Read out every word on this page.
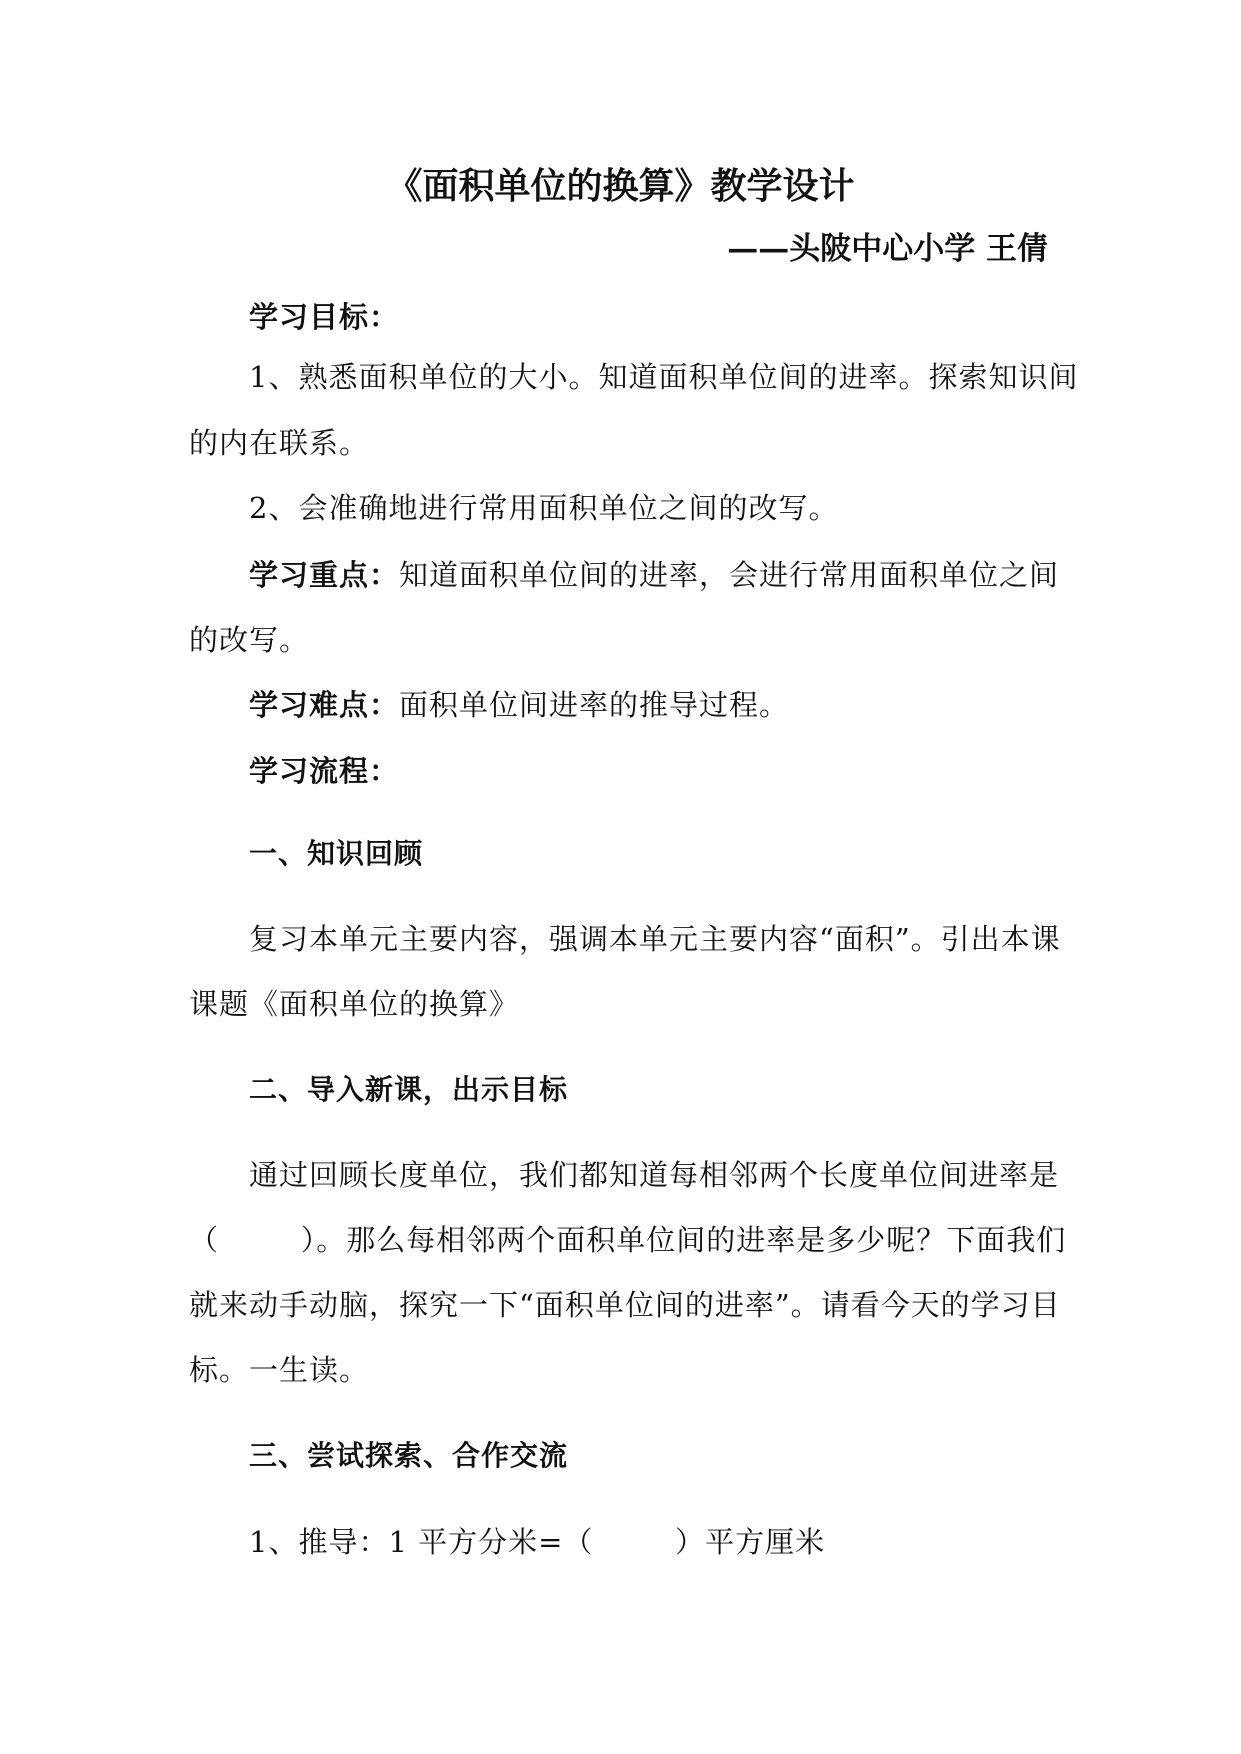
《面积单位的换算》教学设计
——头陂中心小学 王倩
学习目标：
1、熟悉面积单位的大小。知道面积单位间的进率。探索知识间
的内在联系。
2、会准确地进行常用面积单位之间的改写。
学习重点：知道面积单位间的进率，会进行常用面积单位之间
的改写。
学习难点：面积单位间进率的推导过程。
学习流程：
一、知识回顾
复习本单元主要内容，强调本单元主要内容“面积”。引出本课
课题《面积单位的换算》
二、导入新课，出示目标
通过回顾长度单位，我们都知道每相邻两个长度单位间进率是
（        ）。那么每相邻两个面积单位间的进率是多少呢？下面我们
就来动手动脑，探究一下“面积单位间的进率”。请看今天的学习目
标。一生读。
三、尝试探索、合作交流
1、推导：1 平方分米=（        ）平方厘米
